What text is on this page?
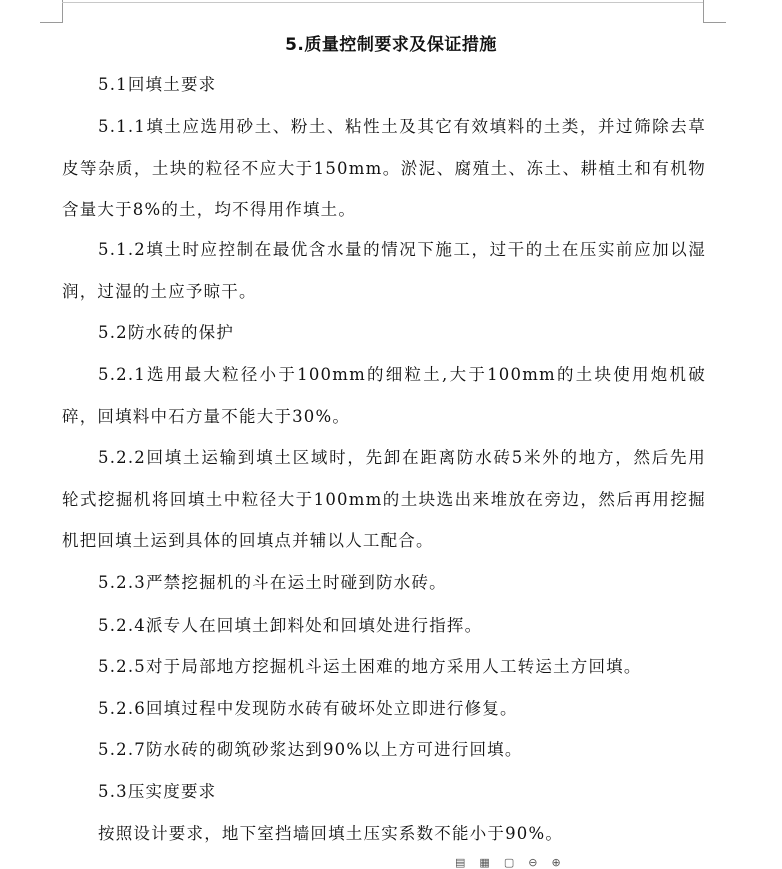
5.质量控制要求及保证措施

5.1回填土要求

5.1.1填土应选用砂土、粉土、粘性土及其它有效填料的土类，并过筛除去草皮等杂质，土块的粒径不应大于150mm。淤泥、腐殖土、冻土、耕植土和有机物含量大于8%的土，均不得用作填土。

5.1.2填土时应控制在最优含水量的情况下施工，过干的土在压实前应加以湿润，过湿的土应予晾干。

5.2防水砖的保护

5.2.1选用最大粒径小于100mm的细粒土,大于100mm的土块使用炮机破碎，回填料中石方量不能大于30%。

5.2.2回填土运输到填土区域时，先卸在距离防水砖5米外的地方，然后先用轮式挖掘机将回填土中粒径大于100mm的土块选出来堆放在旁边，然后再用挖掘机把回填土运到具体的回填点并辅以人工配合。

5.2.3严禁挖掘机的斗在运土时碰到防水砖。

5.2.4派专人在回填土卸料处和回填处进行指挥。

5.2.5对于局部地方挖掘机斗运土困难的地方采用人工转运土方回填。

5.2.6回填过程中发现防水砖有破坏处立即进行修复。

5.2.7防水砖的砌筑砂浆达到90%以上方可进行回填。

5.3压实度要求

按照设计要求，地下室挡墙回填土压实系数不能小于90%。

▤ ▦ ▢ ⊖ ⊕
